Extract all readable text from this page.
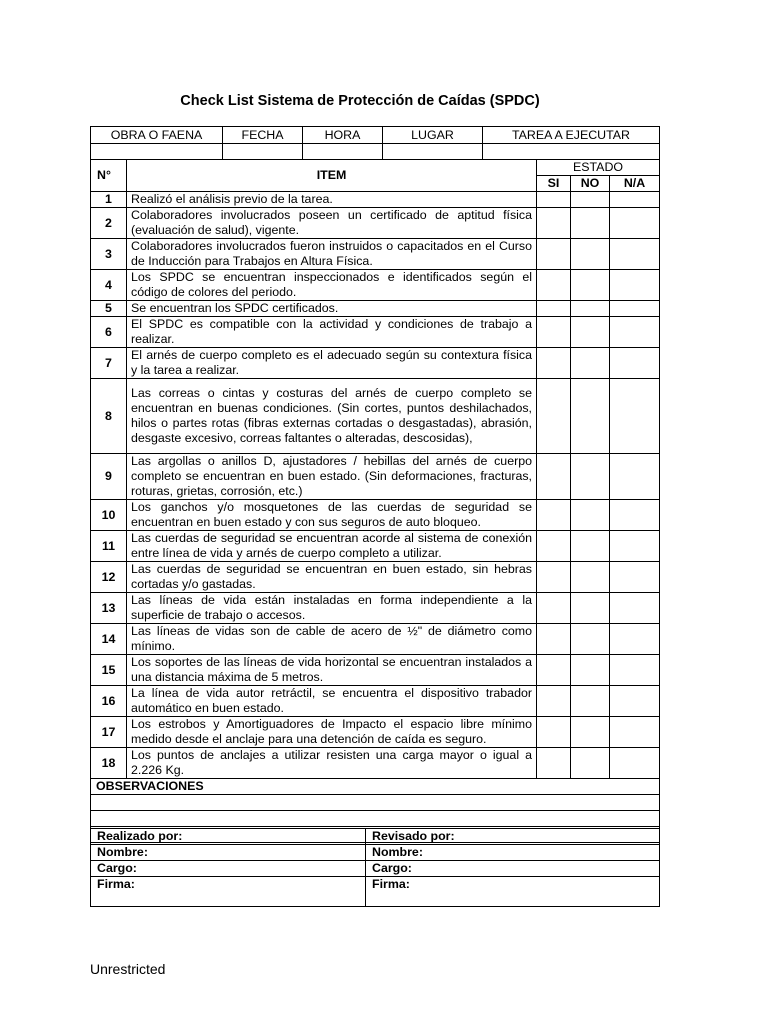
Check List Sistema de Protección de Caídas (SPDC)
OBRA O FAENA	FECHA	HORA	LUGAR	TAREA A EJECUTAR

N°	ITEM	ESTADO		
		SI	NO	N/A
1	Realizó el análisis previo de la tarea.			
2	Colaboradores involucrados poseen un certificado de aptitud física (evaluación de salud), vigente.			
3	Colaboradores involucrados fueron instruidos o capacitados en el Curso de Inducción para Trabajos en Altura Física.			
4	Los SPDC se encuentran inspeccionados e identificados según el código de colores del periodo.			
5	Se encuentran los SPDC certificados.			
6	El SPDC es compatible con la actividad y condiciones de trabajo a realizar.			
7	El arnés de cuerpo completo es el adecuado según su contextura física y la tarea a realizar.			
8	Las correas o cintas y costuras del arnés de cuerpo completo se encuentran en buenas condiciones. (Sin cortes, puntos deshilachados, hilos o partes rotas (fibras externas cortadas o desgastadas), abrasión, desgaste excesivo, correas faltantes o alteradas, descosidas),			
9	Las argollas o anillos D, ajustadores / hebillas del arnés de cuerpo completo se encuentran en buen estado. (Sin deformaciones, fracturas, roturas, grietas, corrosión, etc.)			
10	Los ganchos y/o mosquetones de las cuerdas de seguridad se encuentran en buen estado y con sus seguros de auto bloqueo.			
11	Las cuerdas de seguridad se encuentran acorde al sistema de conexión entre línea de vida y arnés de cuerpo completo a utilizar.			
12	Las cuerdas de seguridad se encuentran en buen estado, sin hebras cortadas y/o gastadas.			
13	Las líneas de vida están instaladas en forma independiente a la superficie de trabajo o accesos.			
14	Las líneas de vidas son de cable de acero de ½" de diámetro como mínimo.			
15	Los soportes de las líneas de vida horizontal se encuentran instalados a una distancia máxima de 5 metros.			
16	La línea de vida autor retráctil, se encuentra el dispositivo trabador automático en buen estado.			
17	Los estrobos y Amortiguadores de Impacto el espacio libre mínimo medido desde el anclaje para una detención de caída es seguro.			
18	Los puntos de anclajes a utilizar resisten una carga mayor o igual a 2.226 Kg.			
OBSERVACIONES				

Realizado por:	Revisado por:
Nombre:	Nombre:
Cargo:	Cargo:
Firma:	Firma:
Unrestricted
